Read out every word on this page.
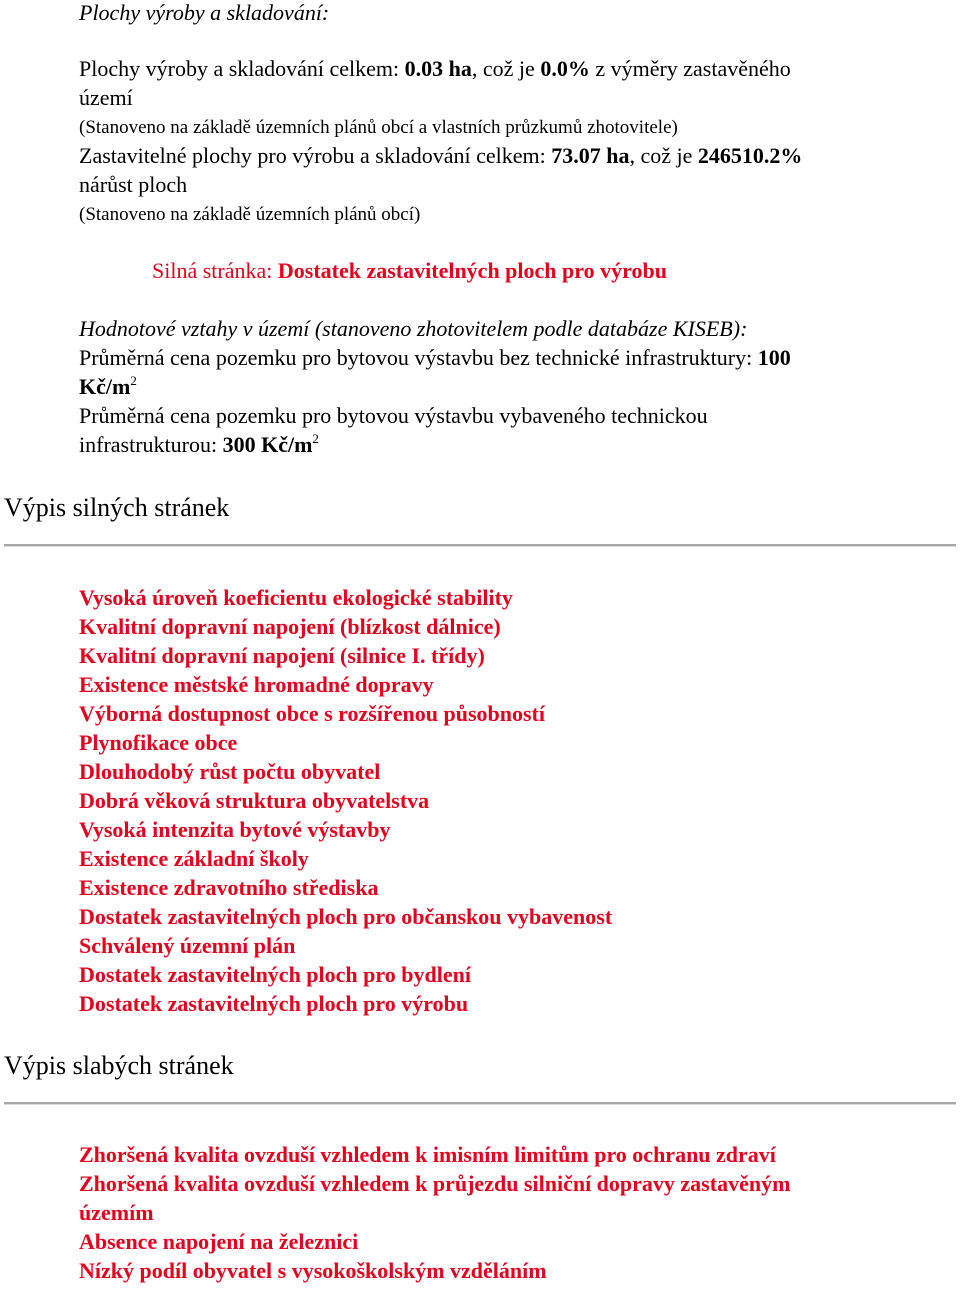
Plochy výroby a skladování:
Plochy výroby a skladování celkem: 0.03 ha, což je 0.0% z výměry zastavěného
území
(Stanoveno na základě územních plánů obcí a vlastních průzkumů zhotovitele)
Zastavitelné plochy pro výrobu a skladování celkem: 73.07 ha, což je 246510.2%
nárůst ploch
(Stanoveno na základě územních plánů obcí)
Silná stránka: Dostatek zastavitelných ploch pro výrobu
Hodnotové vztahy v území (stanoveno zhotovitelem podle databáze KISEB):
Průměrná cena pozemku pro bytovou výstavbu bez technické infrastruktury: 100
$Kč/m^2$
Průměrná cena pozemku pro bytovou výstavbu vybaveného technickou
infrastrukturou: 300 $Kč/m^2$
Výpis silných stránek
Vysoká úroveň koeficientu ekologické stability
Kvalitní dopravní napojení (blízkost dálnice)
Kvalitní dopravní napojení (silnice I. třídy)
Existence městské hromadné dopravy
Výborná dostupnost obce s rozšířenou působností
Plynofikace obce
Dlouhodobý růst počtu obyvatel
Dobrá věková struktura obyvatelstva
Vysoká intenzita bytové výstavby
Existence základní školy
Existence zdravotního střediska
Dostatek zastavitelných ploch pro občanskou vybavenost
Schválený územní plán
Dostatek zastavitelných ploch pro bydlení
Dostatek zastavitelných ploch pro výrobu
Výpis slabých stránek
Zhoršená kvalita ovzduší vzhledem k imisním limitům pro ochranu zdraví
Zhoršená kvalita ovzduší vzhledem k průjezdu silniční dopravy zastavěným
územím
Absence napojení na železnici
Nízký podíl obyvatel s vysokoškolským vzděláním
